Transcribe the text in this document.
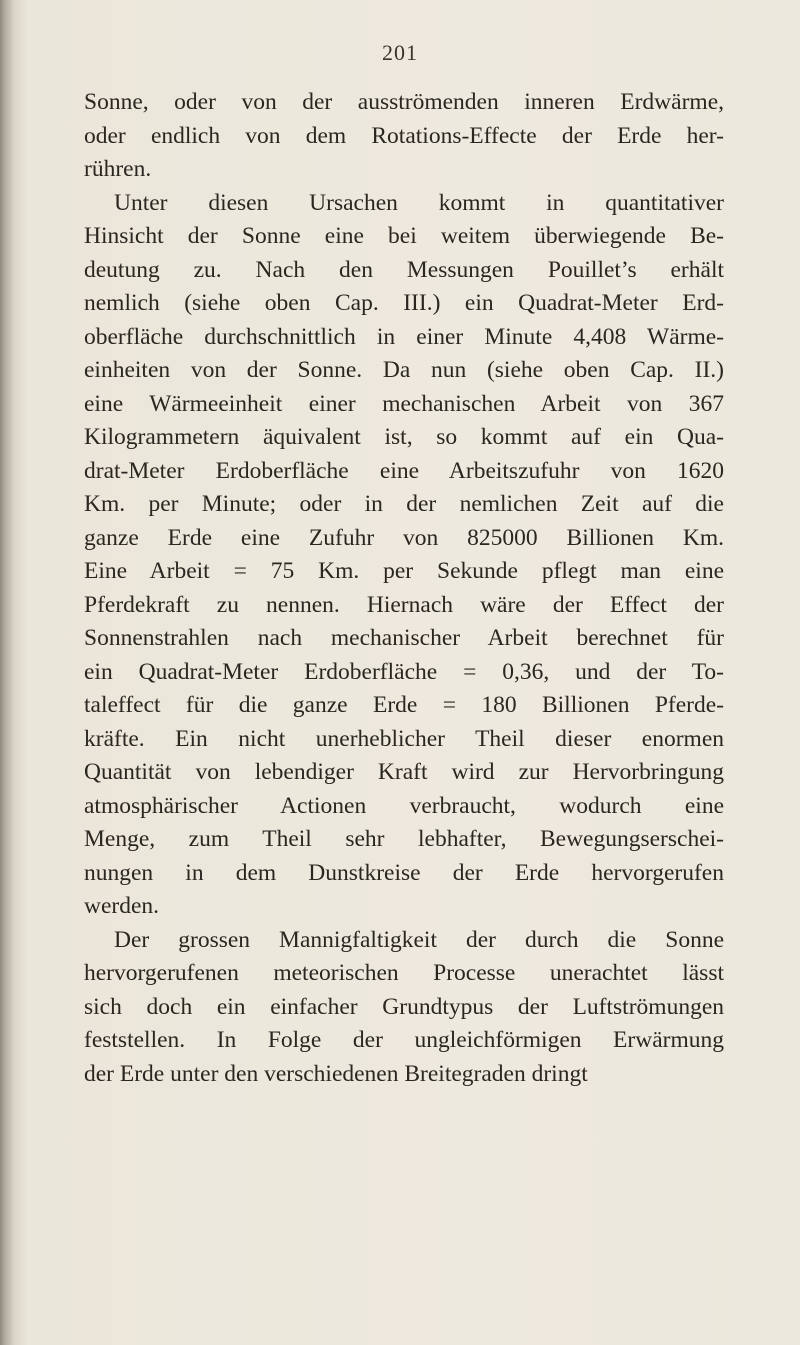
201
Sonne, oder von der ausströmenden inneren Erdwärme,
oder endlich von dem Rotations-Effecte der Erde her-
rühren.
Unter diesen Ursachen kommt in quantitativer
Hinsicht der Sonne eine bei weitem überwiegende Be-
deutung zu. Nach den Messungen Pouillet’s erhält
nemlich (siehe oben Cap. III.) ein Quadrat-Meter Erd-
oberfläche durchschnittlich in einer Minute 4,408 Wärme-
einheiten von der Sonne. Da nun (siehe oben Cap. II.)
eine Wärmeeinheit einer mechanischen Arbeit von 367
Kilogrammetern äquivalent ist, so kommt auf ein Qua-
drat-Meter Erdoberfläche eine Arbeitszufuhr von 1620
Km. per Minute; oder in der nemlichen Zeit auf die
ganze Erde eine Zufuhr von 825000 Billionen Km.
Eine Arbeit = 75 Km. per Sekunde pflegt man eine
Pferdekraft zu nennen. Hiernach wäre der Effect der
Sonnenstrahlen nach mechanischer Arbeit berechnet für
ein Quadrat-Meter Erdoberfläche = 0,36, und der To-
taleffect für die ganze Erde = 180 Billionen Pferde-
kräfte. Ein nicht unerheblicher Theil dieser enormen
Quantität von lebendiger Kraft wird zur Hervorbringung
atmosphärischer Actionen verbraucht, wodurch eine
Menge, zum Theil sehr lebhafter, Bewegungserschei-
nungen in dem Dunstkreise der Erde hervorgerufen
werden.
Der grossen Mannigfaltigkeit der durch die Sonne
hervorgerufenen meteorischen Processe unerachtet lässt
sich doch ein einfacher Grundtypus der Luftströmungen
feststellen. In Folge der ungleichförmigen Erwärmung
der Erde unter den verschiedenen Breitegraden dringt
